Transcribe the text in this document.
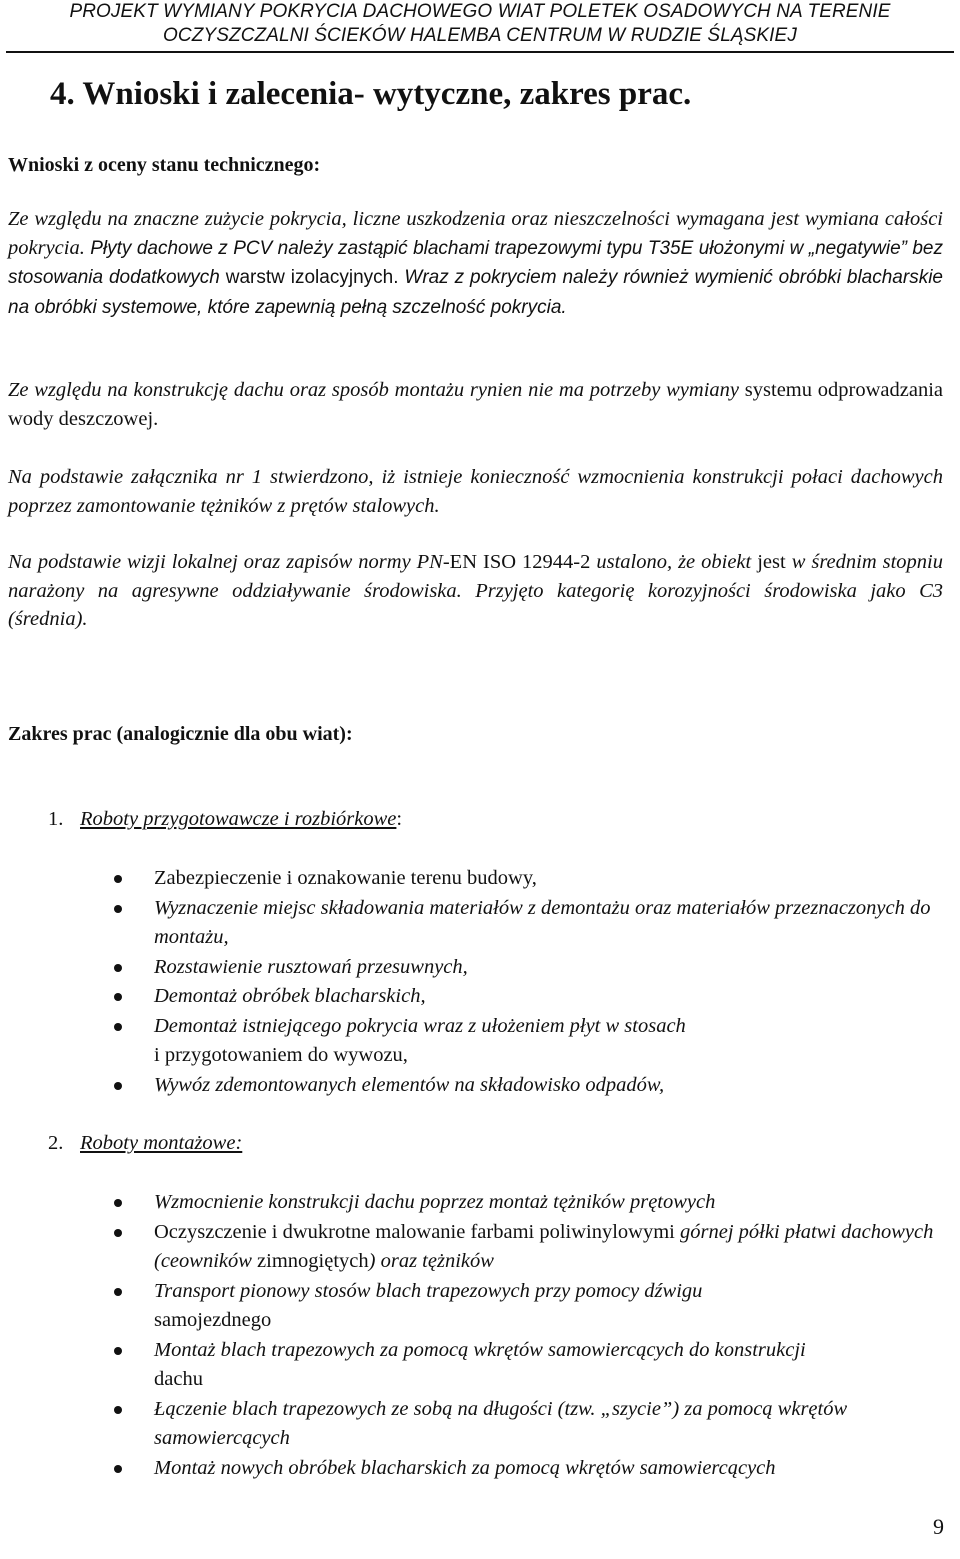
PROJEKT WYMIANY POKRYCIA DACHOWEGO WIAT POLETEK OSADOWYCH NA TERENIE
OCZYSZCZALNI ŚCIEKÓW HALEMBA CENTRUM W RUDZIE ŚLĄSKIEJ
4. Wnioski i zalecenia- wytyczne, zakres prac.
Wnioski z oceny stanu technicznego:
Ze względu na znaczne zużycie pokrycia, liczne uszkodzenia oraz nieszczelności wymagana jest wymiana całości pokrycia. Płyty dachowe z PCV należy zastąpić blachami trapezowymi typu T35E ułożonymi w „negatywie” bez stosowania dodatkowych warstw izolacyjnych. Wraz z pokryciem należy również wymienić obróbki blacharskie na obróbki systemowe, które zapewnią pełną szczelność pokrycia.
Ze względu na konstrukcję dachu oraz sposób montażu rynien nie ma potrzeby wymiany systemu odprowadzania wody deszczowej.
Na podstawie załącznika nr 1 stwierdzono, iż istnieje konieczność wzmocnienia konstrukcji połaci dachowych poprzez zamontowanie tężników z prętów stalowych.
Na podstawie wizji lokalnej oraz zapisów normy PN-EN ISO 12944-2 ustalono, że obiekt jest w średnim stopniu narażony na agresywne oddziaływanie środowiska. Przyjęto kategorię korozyjności środowiska jako C3 (średnia).
Zakres prac (analogicznie dla obu wiat):
1. Roboty przygotowawcze i rozbiórkowe:
Zabezpieczenie i oznakowanie terenu budowy,
Wyznaczenie miejsc składowania materiałów z demontażu oraz materiałów przeznaczonych do montażu,
Rozstawienie rusztowań przesuwnych,
Demontaż obróbek blacharskich,
Demontaż istniejącego pokrycia wraz z ułożeniem płyt w stosach
i przygotowaniem do wywozu,
Wywóz zdemontowanych elementów na składowisko odpadów,
2. Roboty montażowe:
Wzmocnienie konstrukcji dachu poprzez montaż tężników prętowych
Oczyszczenie i dwukrotne malowanie farbami poliwinylowymi górnej półki płatwi dachowych (ceowników zimnogiętych) oraz tężników
Transport pionowy stosów blach trapezowych przy pomocy dźwigu
samojezdnego
Montaż blach trapezowych za pomocą wkrętów samowiercących do konstrukcji
dachu
Łączenie blach trapezowych ze sobą na długości (tzw. „szycie”) za pomocą wkrętów samowiercących
Montaż nowych obróbek blacharskich za pomocą wkrętów samowiercących
9
